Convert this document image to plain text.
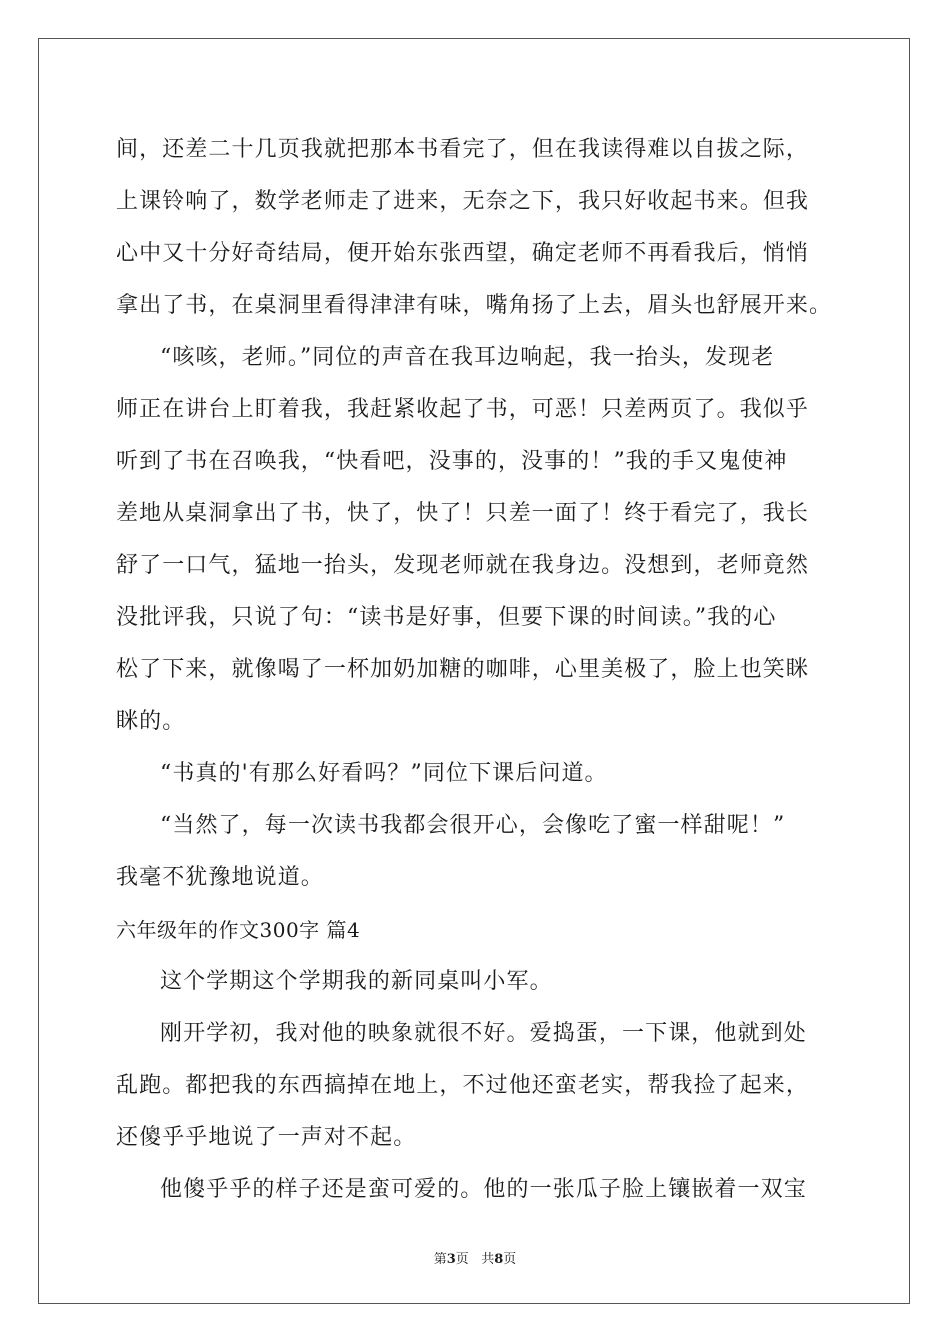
间，还差二十几页我就把那本书看完了，但在我读得难以自拔之际，
上课铃响了，数学老师走了进来，无奈之下，我只好收起书来。但我
心中又十分好奇结局，便开始东张西望，确定老师不再看我后，悄悄
拿出了书，在桌洞里看得津津有味，嘴角扬了上去，眉头也舒展开来。
“咳咳，老师。”同位的声音在我耳边响起，我一抬头，发现老
师正在讲台上盯着我，我赶紧收起了书，可恶！只差两页了。我似乎
听到了书在召唤我，“快看吧，没事的，没事的！”我的手又鬼使神
差地从桌洞拿出了书，快了，快了！只差一面了！终于看完了，我长
舒了一口气，猛地一抬头，发现老师就在我身边。没想到，老师竟然
没批评我，只说了句：“读书是好事，但要下课的时间读。”我的心
松了下来，就像喝了一杯加奶加糖的咖啡，心里美极了，脸上也笑眯
眯的。
“书真的'有那么好看吗？”同位下课后问道。
“当然了，每一次读书我都会很开心，会像吃了蜜一样甜呢！”
我毫不犹豫地说道。
六年级年的作文300字 篇4
这个学期这个学期我的新同桌叫小军。
刚开学初，我对他的映象就很不好。爱捣蛋，一下课，他就到处
乱跑。都把我的东西搞掉在地上，不过他还蛮老实，帮我捡了起来，
还傻乎乎地说了一声对不起。
他傻乎乎的样子还是蛮可爱的。他的一张瓜子脸上镶嵌着一双宝
第3页   共8页
